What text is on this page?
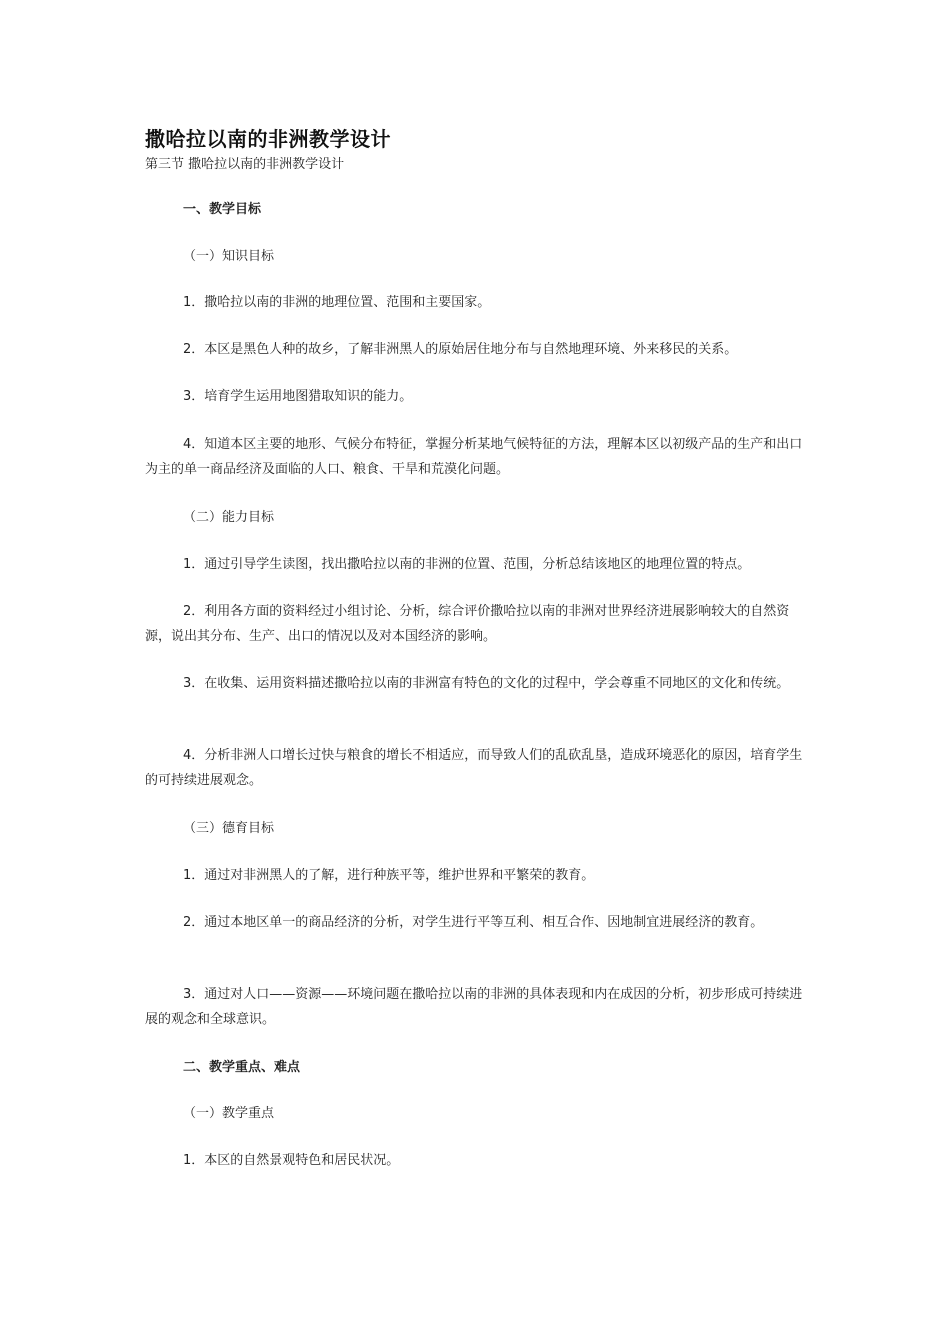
撒哈拉以南的非洲教学设计
第三节 撒哈拉以南的非洲教学设计
一、教学目标
（一）知识目标
1．撒哈拉以南的非洲的地理位置、范围和主要国家。
2．本区是黑色人种的故乡，了解非洲黑人的原始居住地分布与自然地理环境、外来移民的关系。
3．培育学生运用地图猎取知识的能力。
4．知道本区主要的地形、气候分布特征，掌握分析某地气候特征的方法，理解本区以初级产品的生产和出口为主的单一商品经济及面临的人口、粮食、干旱和荒漠化问题。
（二）能力目标
1．通过引导学生读图，找出撒哈拉以南的非洲的位置、范围，分析总结该地区的地理位置的特点。
2．利用各方面的资料经过小组讨论、分析，综合评价撒哈拉以南的非洲对世界经济进展影响较大的自然资源，说出其分布、生产、出口的情况以及对本国经济的影响。
3．在收集、运用资料描述撒哈拉以南的非洲富有特色的文化的过程中，学会尊重不同地区的文化和传统。
4．分析非洲人口增长过快与粮食的增长不相适应，而导致人们的乱砍乱垦，造成环境恶化的原因，培育学生的可持续进展观念。
（三）德育目标
1．通过对非洲黑人的了解，进行种族平等，维护世界和平繁荣的教育。
2．通过本地区单一的商品经济的分析，对学生进行平等互利、相互合作、因地制宜进展经济的教育。
3．通过对人口——资源——环境问题在撒哈拉以南的非洲的具体表现和内在成因的分析，初步形成可持续进展的观念和全球意识。
二、教学重点、难点
（一）教学重点
1．本区的自然景观特色和居民状况。
